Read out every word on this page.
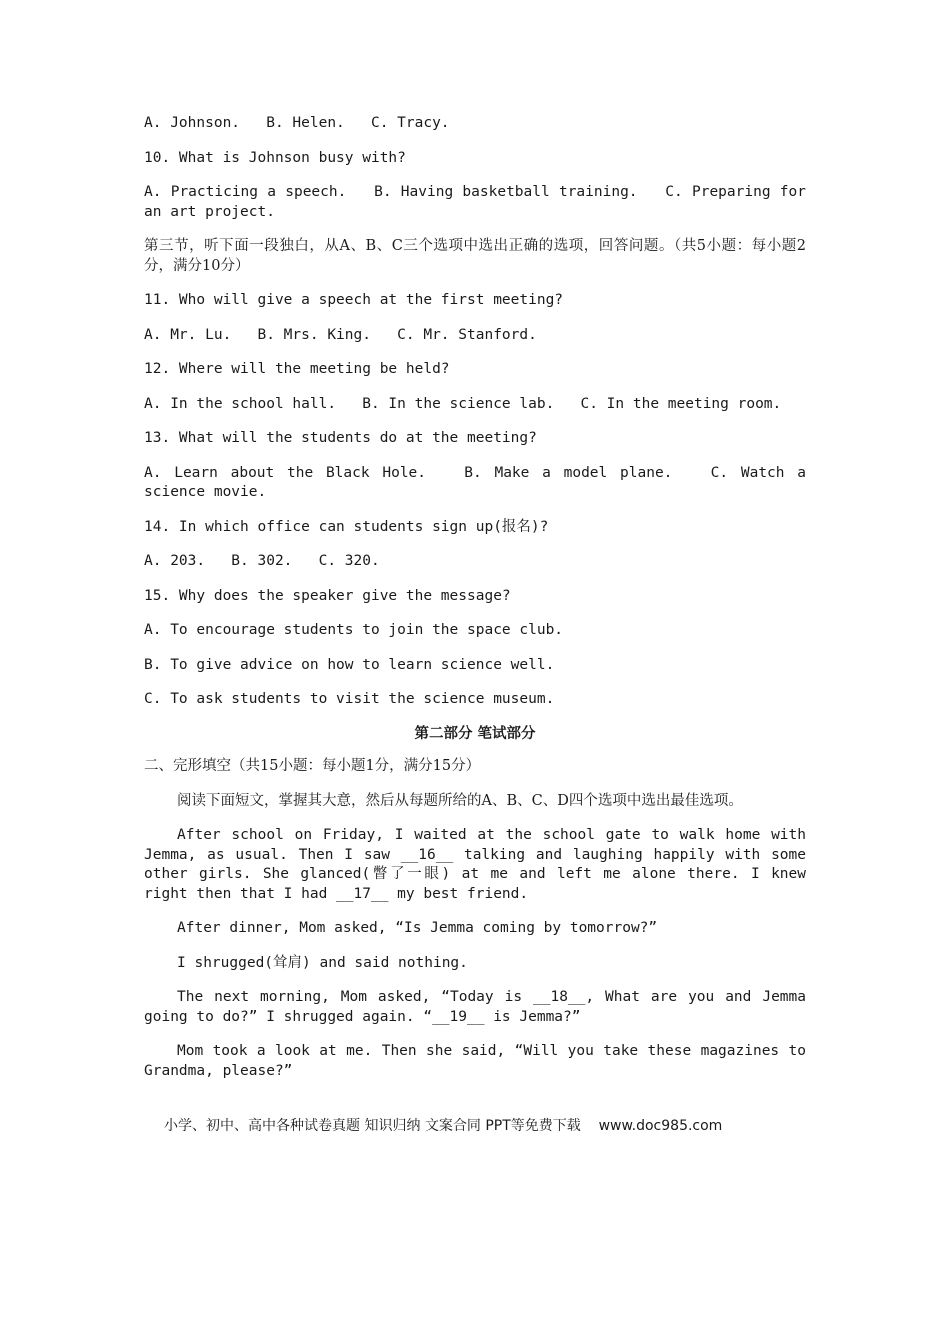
A. Johnson.   B. Helen.   C. Tracy.

10. What is Johnson busy with?

A. Practicing a speech.   B. Having basketball training.   C. Preparing for an art project.

第三节，听下面一段独白，从A、B、C三个选项中选出正确的选项，回答问题。（共5小题：每小题2分，满分10分）

11. Who will give a speech at the first meeting?

A. Mr. Lu.   B. Mrs. King.   C. Mr. Stanford.

12. Where will the meeting be held?

A. In the school hall.   B. In the science lab.   C. In the meeting room.

13. What will the students do at the meeting?

A. Learn about the Black Hole.   B. Make a model plane.   C. Watch a science movie.

14. In which office can students sign up(报名)?

A. 203.   B. 302.   C. 320.

15. Why does the speaker give the message?

A. To encourage students to join the space club.

B. To give advice on how to learn science well.

C. To ask students to visit the science museum.

第二部分 笔试部分

二、完形填空（共15小题：每小题1分，满分15分）

阅读下面短文，掌握其大意，然后从每题所给的A、B、C、D四个选项中选出最佳选项。

After school on Friday, I waited at the school gate to walk home with Jemma, as usual. Then I saw __16__ talking and laughing happily with some other girls. She glanced(瞥了一眼) at me and left me alone there. I knew right then that I had __17__ my best friend.

After dinner, Mom asked, “Is Jemma coming by tomorrow?”

I shrugged(耸肩) and said nothing.

The next morning, Mom asked, “Today is __18__, What are you and Jemma going to do?” I shrugged again. “__19__ is Jemma?”

Mom took a look at me. Then she said, “Will you take these magazines to Grandma, please?”

小学、初中、高中各种试卷真题 知识归纳 文案合同 PPT等免费下载    www.doc985.com
